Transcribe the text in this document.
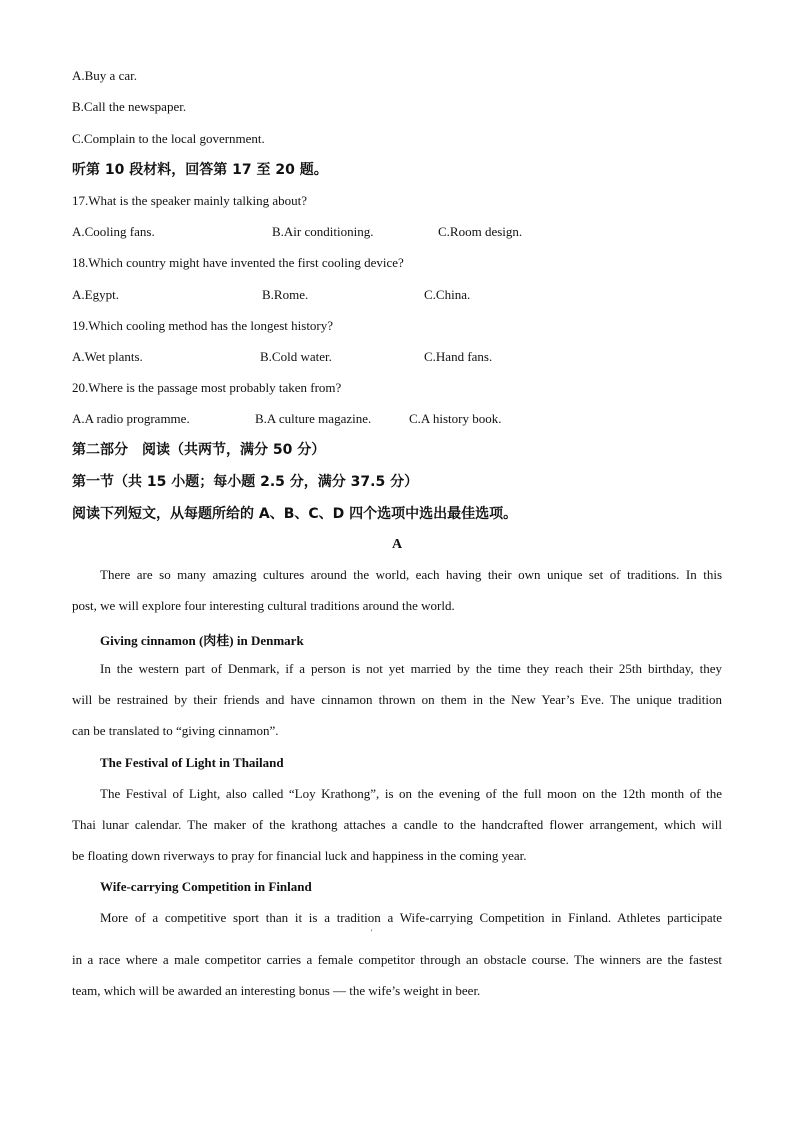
A.Buy a car.
B.Call the newspaper.
C.Complain to the local government.
听第 10 段材料，回答第 17 至 20 题。
17.What is the speaker mainly talking about?
A.Cooling fans.	B.Air conditioning.	C.Room design.
18.Which country might have invented the first cooling device?
A.Egypt.	B.Rome.	C.China.
19.Which cooling method has the longest history?
A.Wet plants.	B.Cold water.	C.Hand fans.
20.Where is the passage most probably taken from?
A.A radio programme.	B.A culture magazine.	C.A history book.
第二部分　阅读（共两节，满分 50 分）
第一节（共 15 小题；每小题 2.5 分，满分 37.5 分）
阅读下列短文，从每题所给的 A、B、C、D 四个选项中选出最佳选项。
A
There are so many amazing cultures around the world, each having their own unique set of traditions. In this
post, we will explore four interesting cultural traditions around the world.
Giving cinnamon (肉桂) in Denmark
In the western part of Denmark, if a person is not yet married by the time they reach their 25th birthday, they
will be restrained by their friends and have cinnamon thrown on them in the New Year’s Eve. The unique tradition
can be translated to “giving cinnamon”.
The Festival of Light in Thailand
The Festival of Light, also called “Loy Krathong”, is on the evening of the full moon on the 12th month of the
Thai lunar calendar. The maker of the krathong attaches a candle to the handcrafted flower arrangement, which will
be floating down riverways to pray for financial luck and happiness in the coming year.
Wife-carrying Competition in Finland
More of a competitive sport than it is a tradition a Wife-carrying Competition in Finland. Athletes participate
'
in a race where a male competitor carries a female competitor through an obstacle course. The winners are the fastest
team, which will be awarded an interesting bonus — the wife’s weight in beer.
